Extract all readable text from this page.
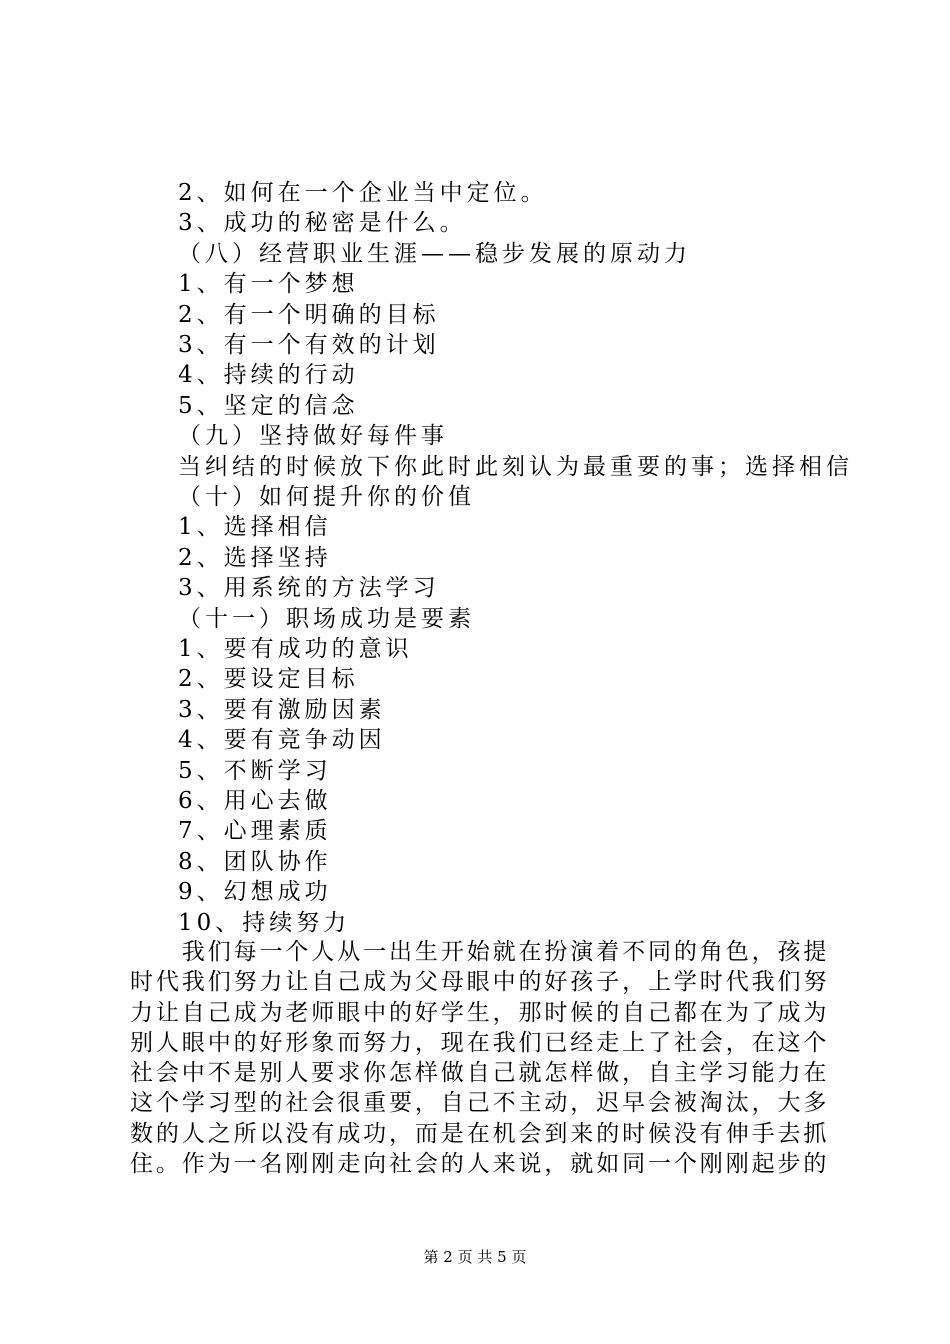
2、如何在一个企业当中定位。
3、成功的秘密是什么。
（八）经营职业生涯——稳步发展的原动力
1、有一个梦想
2、有一个明确的目标
3、有一个有效的计划
4、持续的行动
5、坚定的信念
（九）坚持做好每件事
当纠结的时候放下你此时此刻认为最重要的事；选择相信
（十）如何提升你的价值
1、选择相信
2、选择坚持
3、用系统的方法学习
（十一）职场成功是要素
1、要有成功的意识
2、要设定目标
3、要有激励因素
4、要有竞争动因
5、不断学习
6、用心去做
7、心理素质
8、团队协作
9、幻想成功
10、持续努力
　　我们每一个人从一出生开始就在扮演着不同的角色，孩提
时代我们努力让自己成为父母眼中的好孩子，上学时代我们努
力让自己成为老师眼中的好学生，那时候的自己都在为了成为
别人眼中的好形象而努力，现在我们已经走上了社会，在这个
社会中不是别人要求你怎样做自己就怎样做，自主学习能力在
这个学习型的社会很重要，自己不主动，迟早会被淘汰，大多
数的人之所以没有成功，而是在机会到来的时候没有伸手去抓
住。作为一名刚刚走向社会的人来说，就如同一个刚刚起步的
第 2 页 共 5 页
